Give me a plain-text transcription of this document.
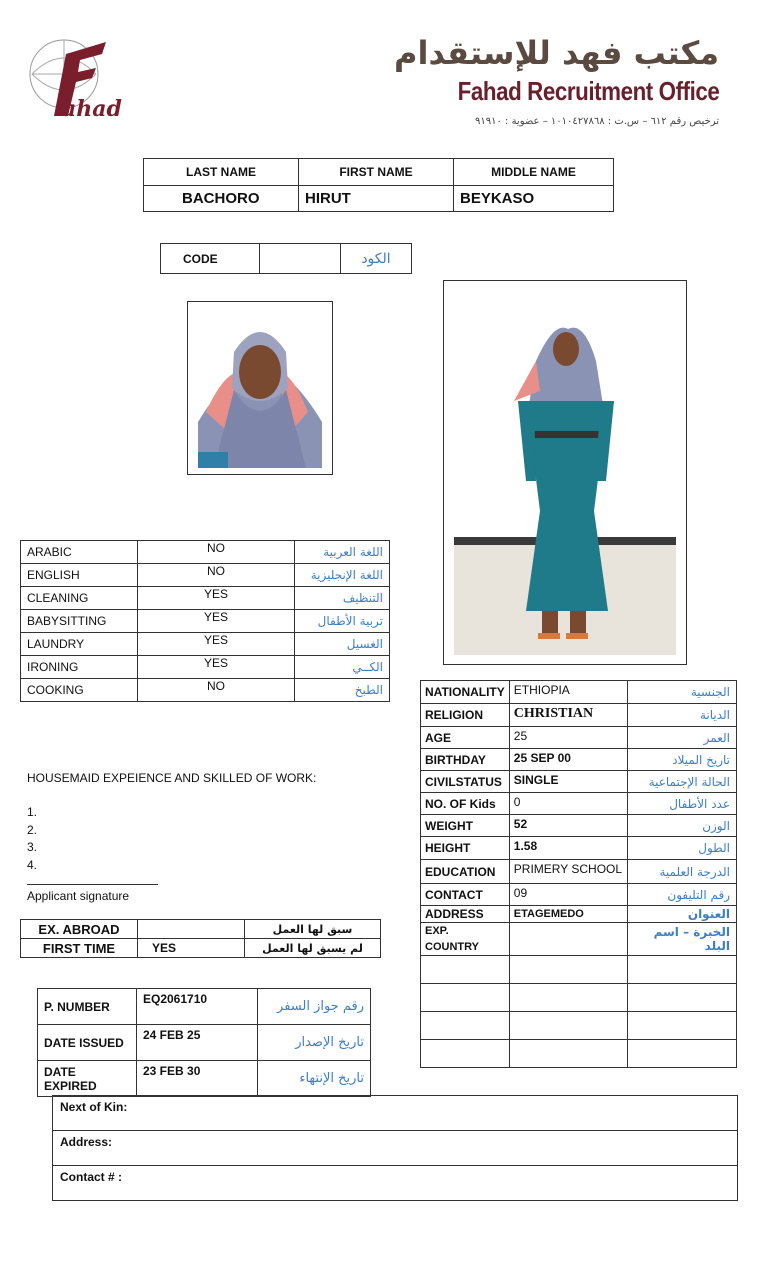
ahad
مكتب فهد للإستقدام
Fahad Recruitment Office
ترخيص رقم ٦١٢ – س.ت : ١٠١٠٤٢٧٨٦٨ – عضوية : ٩١٩١٠
LAST NAME	FIRST NAME	MIDDLE NAME
BACHORO	HIRUT	BEYKASO
CODE		الكود
ARABIC	NO	اللغة العربية
ENGLISH	NO	اللغة الإنجليزية
CLEANING	YES	التنظيف
BABYSITTING	YES	تربية الأطفال
LAUNDRY	YES	الغسيل
IRONING	YES	الكــي
COOKING	NO	الطبخ
HOUSEMAID EXPEIENCE AND SKILLED OF WORK:
1.
2.
3.
4.
Applicant signature
EX. ABROAD		سبق لها العمل
FIRST TIME	YES	لم يسبق لها العمل
P. NUMBER	EQ2061710	رقم جواز السفر
DATE ISSUED	24 FEB 25	تاريخ الإصدار
DATE EXPIRED	23 FEB 30	تاريخ الإنتهاء
NATIONALITY	ETHIOPIA	الجنسية
RELIGION	CHRISTIAN	الديانة
AGE	25	العمر
BIRTHDAY	25 SEP 00	تاريخ الميلاد
CIVILSTATUS	SINGLE	الحالة الإجتماعية
NO. OF Kids	0	عدد الأطفال
WEIGHT	52	الوزن
HEIGHT	1.58	الطول
EDUCATION	PRIMERY SCHOOL	الدرجة العلمية
CONTACT	09	رقم التليفون
ADDRESS	ETAGEMEDO	العنوان

EXP.
COUNTRY		الخبرة – اسم البلد

Next of Kin:
Address:
Contact # :
